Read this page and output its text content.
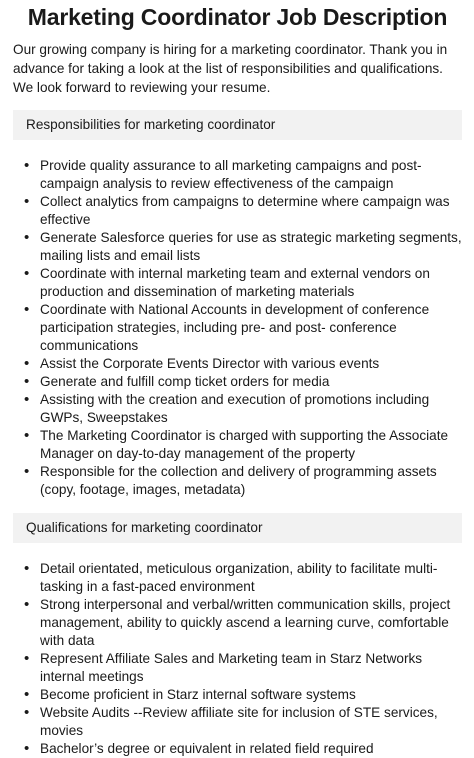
Marketing Coordinator Job Description

Our growing company is hiring for a marketing coordinator. Thank you in advance for taking a look at the list of responsibilities and qualifications. We look forward to reviewing your resume.

Responsibilities for marketing coordinator
• Provide quality assurance to all marketing campaigns and post-campaign analysis to review effectiveness of the campaign
• Collect analytics from campaigns to determine where campaign was effective
• Generate Salesforce queries for use as strategic marketing segments, mailing lists and email lists
• Coordinate with internal marketing team and external vendors on production and dissemination of marketing materials
• Coordinate with National Accounts in development of conference participation strategies, including pre- and post- conference communications
• Assist the Corporate Events Director with various events
• Generate and fulfill comp ticket orders for media
• Assisting with the creation and execution of promotions including GWPs, Sweepstakes
• The Marketing Coordinator is charged with supporting the Associate Manager on day-to-day management of the property
• Responsible for the collection and delivery of programming assets (copy, footage, images, metadata)
Qualifications for marketing coordinator
• Detail orientated, meticulous organization, ability to facilitate multi-tasking in a fast-paced environment
• Strong interpersonal and verbal/written communication skills, project management, ability to quickly ascend a learning curve, comfortable with data
• Represent Affiliate Sales and Marketing team in Starz Networks internal meetings
• Become proficient in Starz internal software systems
• Website Audits --Review affiliate site for inclusion of STE services, movies
• Bachelor’s degree or equivalent in related field required
